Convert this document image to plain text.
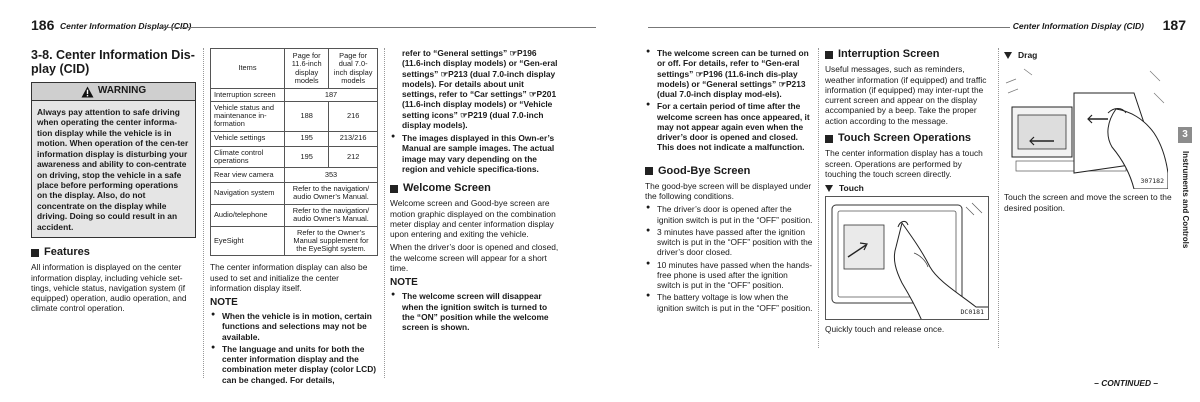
186 Center Information Display (CID)	Center Information Display (CID) 187
3-8. Center Information Dis-
play (CID)
WARNING
Always pay attention to safe driving when operating the center informa-tion display while the vehicle is in motion. When operation of the cen-ter information display is disturbing your awareness and ability to con-centrate on driving, stop the vehicle in a safe place before performing operations on the display. Also, do not concentrate on the display while driving. Doing so could result in an accident.
Features

All information is displayed on the center information display, including vehicle set-tings, vehicle status, navigation system (if equipped) operation, audio operation, and climate control operation.

Items	Page for 11.6-inch display models	Page for dual 7.0-inch display models
Interruption screen	187	
Vehicle status and maintenance in-formation	188	216
Vehicle settings	195	213/216
Climate control operations	195	212
Rear view camera	353	
Navigation system	Refer to the navigation/ audio Owner’s Manual.	
Audio/telephone	Refer to the navigation/ audio Owner’s Manual.	
EyeSight	Refer to the Owner’s Manual supplement for the EyeSight system.	

The center information display can also be used to set and initialize the center information display itself.

NOTE
● When the vehicle is in motion, certain functions and selections may not be available.
● The language and units for both the center information display and the combination meter display (color LCD) can be changed. For details,

refer to “General settings” ☞P196 (11.6-inch display models) or “Gen-eral settings” ☞P213 (dual 7.0-inch display models). For details about unit settings, refer to “Car settings” ☞P201 (11.6-inch display models) or “Vehicle setting icons” ☞P219 (dual 7.0-inch display models).

● The images displayed in this Own-er’s Manual are sample images. The actual image may vary depending on the region and vehicle specifica-tions.
Welcome Screen

Welcome screen and Good-bye screen are motion graphic displayed on the combination meter display and center information display upon entering and exiting the vehicle.

When the driver’s door is opened and closed, the welcome screen will appear for a short time.

NOTE
● The welcome screen will disappear when the ignition switch is turned to the “ON” position while the welcome screen is shown.
● The welcome screen can be turned on or off. For details, refer to “Gen-eral settings” ☞P196 (11.6-inch dis-play models) or “General settings” ☞P213 (dual 7.0-inch display mod-els).
● For a certain period of time after the welcome screen has once appeared, it may not appear again even when the driver’s door is opened and closed. This does not indicate a malfunction.
Good-Bye Screen

The good-bye screen will be displayed under the following conditions.

● The driver’s door is opened after the ignition switch is put in the “OFF” position.
● 3 minutes have passed after the ignition switch is put in the “OFF” position with the driver’s door closed.
● 10 minutes have passed when the hands-free phone is used after the ignition switch is put in the “OFF” position.
● The battery voltage is low when the ignition switch is put in the “OFF” position.
Interruption Screen

Useful messages, such as reminders, weather information (if equipped) and traffic information (if equipped) may inter-rupt the current screen and appear on the display accompanied by a beep. Take the proper action according to the message.

Touch Screen Operations

The center information display has a touch screen. Operations are performed by touching the touch screen directly.

Touch
DC0181

Quickly touch and release once.

Drag
307182

Touch the screen and move the screen to the desired position.

3
Instruments and Controls
– CONTINUED –
